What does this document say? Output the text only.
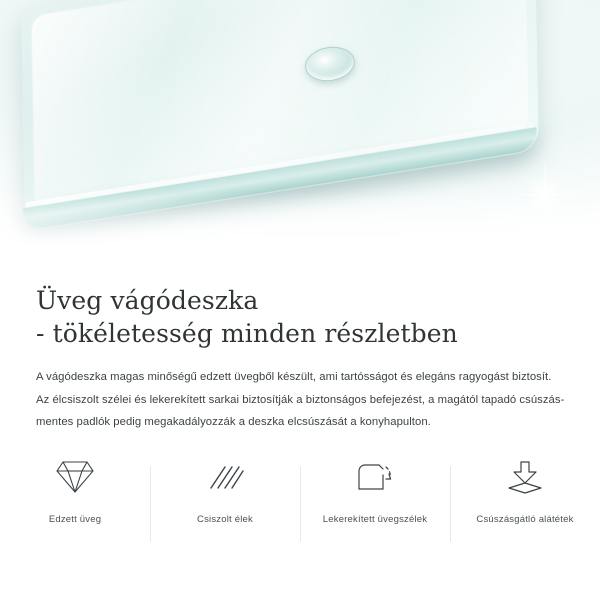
Üveg vágódeszka
- tökéletesség minden részletben

A vágódeszka magas minőségű edzett üvegből készült, ami tartósságot és elegáns ragyogást biztosít.

Az élcsiszolt szélei és lekerekített sarkai biztosítják a biztonságos befejezést, a magától tapadó csúszás-

mentes padlók pedig megakadályozzák a deszka elcsúszását a konyhapulton.

Edzett üveg	Csiszolt élek	Lekerekített üvegszélek	Csúszásgátló alátétek
